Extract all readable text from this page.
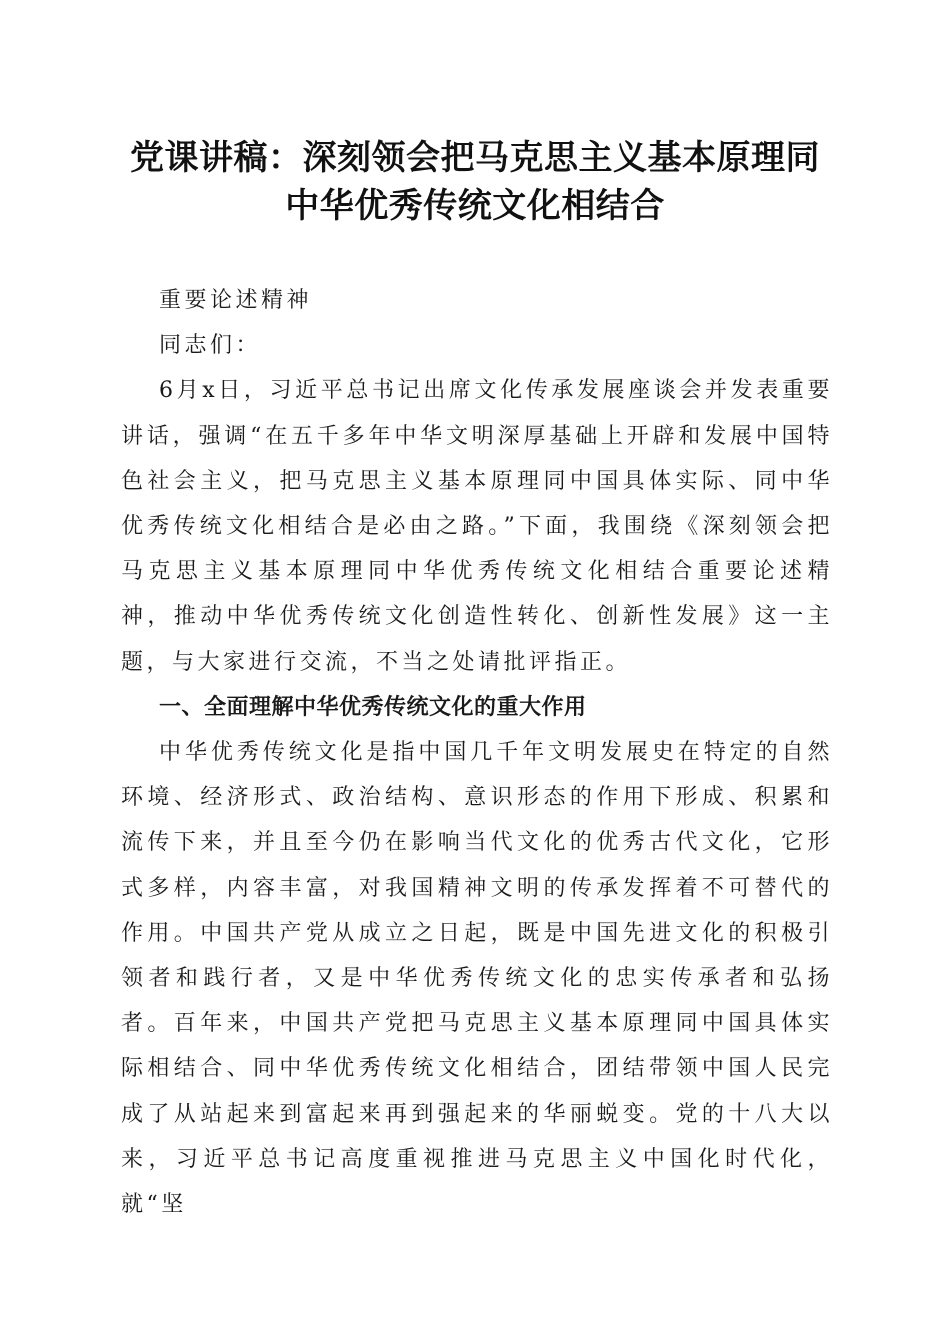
党课讲稿：深刻领会把马克思主义基本原理同
中华优秀传统文化相结合

重要论述精神

同志们：

6月x日，习近平总书记出席文化传承发展座谈会并发表重要讲话，强调“在五千多年中华文明深厚基础上开辟和发展中国特色社会主义，把马克思主义基本原理同中国具体实际、同中华优秀传统文化相结合是必由之路。”下面，我围绕《深刻领会把马克思主义基本原理同中华优秀传统文化相结合重要论述精神，推动中华优秀传统文化创造性转化、创新性发展》这一主题，与大家进行交流，不当之处请批评指正。

一、全面理解中华优秀传统文化的重大作用

中华优秀传统文化是指中国几千年文明发展史在特定的自然环境、经济形式、政治结构、意识形态的作用下形成、积累和流传下来，并且至今仍在影响当代文化的优秀古代文化，它形式多样，内容丰富，对我国精神文明的传承发挥着不可替代的作用。中国共产党从成立之日起，既是中国先进文化的积极引领者和践行者，又是中华优秀传统文化的忠实传承者和弘扬者。百年来，中国共产党把马克思主义基本原理同中国具体实际相结合、同中华优秀传统文化相结合，团结带领中国人民完成了从站起来到富起来再到强起来的华丽蜕变。党的十八大以来，习近平总书记高度重视推进马克思主义中国化时代化，就“坚
